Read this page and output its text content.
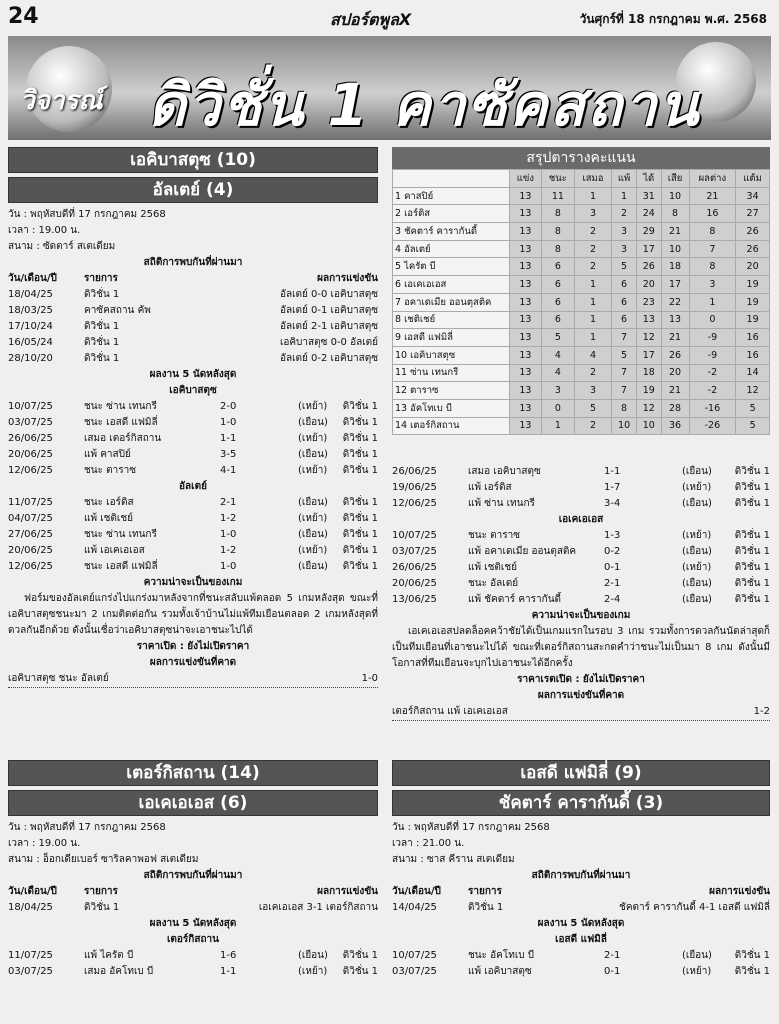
24	สปอร์ตพูลX	วันศุกร์ที่ 18 กรกฎาคม พ.ศ. 2568
วิจารณ์ ดิวิชั่น 1 คาซัคสถาน
เอคิบาสตุซ (10)
อัลเตย์ (4)
วัน : พฤหัสบดีที่ 17 กรกฎาคม 2568
เวลา : 19.00 น.
สนาม : ซัดตาร์ สเตเดียม
สถิติการพบกันที่ผ่านมา
วัน/เดือน/ปี	รายการ	ผลการแข่งขัน
18/04/25	ดิวิชั่น 1	อัลเตย์ 0-0 เอคิบาสตุซ
18/03/25	คาซัคสถาน คัพ	อัลเตย์ 0-1 เอคิบาสตุซ
17/10/24	ดิวิชั่น 1	อัลเตย์ 2-1 เอคิบาสตุซ
16/05/24	ดิวิชั่น 1	เอคิบาสตุซ 0-0 อัลเตย์
28/10/20	ดิวิชั่น 1	อัลเตย์ 0-2 เอคิบาสตุซ
ผลงาน 5 นัดหลังสุด
เอคิบาสตุซ
10/07/25	ชนะ ซ่าน เทนกรี	2-0	(เหย้า) ดิวิชั่น 1
03/07/25	ชนะ เอสดี แฟมิลี่	1-0	(เยือน) ดิวิชั่น 1
26/06/25	เสมอ เตอร์กิสถาน	1-1	(เหย้า) ดิวิชั่น 1
20/06/25	แพ้ คาสปิย์	3-5	(เยือน) ดิวิชั่น 1
12/06/25	ชนะ ตาราซ	4-1	(เหย้า) ดิวิชั่น 1
อัลเตย์
11/07/25	ชนะ เอร์ติส	2-1	(เยือน) ดิวิชั่น 1
04/07/25	แพ้ เชติเชย์	1-2	(เหย้า) ดิวิชั่น 1
27/06/25	ชนะ ซ่าน เทนกรี	1-0	(เยือน) ดิวิชั่น 1
20/06/25	แพ้ เอเคเอเอส	1-2	(เหย้า) ดิวิชั่น 1
12/06/25	ชนะ เอสดี แฟมิลี่	1-0	(เยือน) ดิวิชั่น 1
ความน่าจะเป็นของเกม
ฟอร์มของอัลเตย์แกร่งไปแกร่งมาหลังจากที่ชนะสลับแพ้ตลอด 5 เกมหลังสุด ขณะที่เอคิบาสตุซชนะมา 2 เกมติดต่อกัน รวมทั้งเจ้าบ้านไม่แพ้ทีมเยือนตลอด 2 เกมหลังสุดที่ดวลกันอีกด้วย ดังนั้นเชื่อว่าเอคิบาสตุซน่าจะเอาชนะไปได้
ราคาเปิด : ยังไม่เปิดราคา
ผลการแข่งขันที่คาด
เอคิบาสตุซ ชนะ อัลเตย์	1-0
เตอร์กิสถาน (14)
เอเคเอเอส (6)
วัน : พฤหัสบดีที่ 17 กรกฎาคม 2568
เวลา : 19.00 น.
สนาม : อ็อกเดียเบอร์ ซาริลคาพอฟ สเตเดียม
สถิติการพบกันที่ผ่านมา
วัน/เดือน/ปี	รายการ	ผลการแข่งขัน
18/04/25	ดิวิชั่น 1	เอเคเอเอส 3-1 เตอร์กิสถาน
ผลงาน 5 นัดหลังสุด
เตอร์กิสถาน
11/07/25	แพ้ ไครัต บี	1-6	(เยือน) ดิวิชั่น 1
03/07/25	เสมอ อัคโทเบ บี	1-1	(เหย้า) ดิวิชั่น 1
สรุปตารางคะแนน
	แข่ง	ชนะ	เสมอ	แพ้	ได้	เสีย	ผลต่าง	แต้ม
1 คาสปิย์	13	11	1	1	31	10	21	34
2 เอร์ติส	13	8	3	2	24	8	16	27
3 ชัคตาร์ คารากันดี้	13	8	2	3	29	21	8	26
4 อัลเตย์	13	8	2	3	17	10	7	26
5 ไครัต บี	13	6	2	5	26	18	8	20
6 เอเคเอเอส	13	6	1	6	20	17	3	19
7 อคาเดเมีย ออนตุสติค	13	6	1	6	23	22	1	19
8 เชติเชย์	13	6	1	6	13	13	0	19
9 เอสดี แฟมิลี่	13	5	1	7	12	21	-9	16
10 เอคิบาสตุซ	13	4	4	5	17	26	-9	16
11 ซ่าน เทนกรี	13	4	2	7	18	20	-2	14
12 ตาราซ	13	3	3	7	19	21	-2	12
13 อัคโทเบ บี	13	0	5	8	12	28	-16	5
14 เตอร์กิสถาน	13	1	2	10	10	36	-26	5
26/06/25	เสมอ เอคิบาสตุซ	1-1	(เยือน) ดิวิชั่น 1
19/06/25	แพ้ เอร์ติส	1-7	(เหย้า) ดิวิชั่น 1
12/06/25	แพ้ ซ่าน เทนกรี	3-4	(เยือน) ดิวิชั่น 1
เอเคเอเอส
10/07/25	ชนะ ตาราซ	1-3	(เหย้า) ดิวิชั่น 1
03/07/25	แพ้ อคาเดเมีย ออนตุสติค	0-2	(เยือน) ดิวิชั่น 1
26/06/25	แพ้ เชติเชย์	0-1	(เหย้า) ดิวิชั่น 1
20/06/25	ชนะ อัลเตย์	2-1	(เยือน) ดิวิชั่น 1
13/06/25	แพ้ ชัคตาร์ คารากันดี้	2-4	(เยือน) ดิวิชั่น 1
ความน่าจะเป็นของเกม
เอเคเอเอสปลดล็อคคว้าชัยได้เป็นเกมแรกในรอบ 3 เกม รวมทั้งการดวลกันนัดล่าสุดก็เป็นทีมเยือนที่เอาชนะไปได้ ขณะที่เตอร์กิสถานสะกดคำว่าชนะไม่เป็นมา 8 เกม ดังนั้นมีโอกาสที่ทีมเยือนจะบุกไปเอาชนะได้อีกครั้ง
ราคาเรตเปิด : ยังไม่เปิดราคา
ผลการแข่งขันที่คาด
เตอร์กิสถาน แพ้ เอเคเอเอส	1-2
เอสดี แฟมิลี่ (9)
ชัคตาร์ คารากันดี้ (3)
วัน : พฤหัสบดีที่ 17 กรกฎาคม 2568
เวลา : 21.00 น.
สนาม : ซาส คีราน สเตเดียม
สถิติการพบกันที่ผ่านมา
วัน/เดือน/ปี	รายการ	ผลการแข่งขัน
14/04/25	ดิวิชั่น 1	ชัคตาร์ คารากันดี้ 4-1 เอสดี แฟมิลี่
ผลงาน 5 นัดหลังสุด
เอสดี แฟมิลี่
10/07/25	ชนะ อัคโทเบ บี	2-1	(เยือน) ดิวิชั่น 1
03/07/25	แพ้ เอคิบาสตุซ	0-1	(เหย้า) ดิวิชั่น 1
